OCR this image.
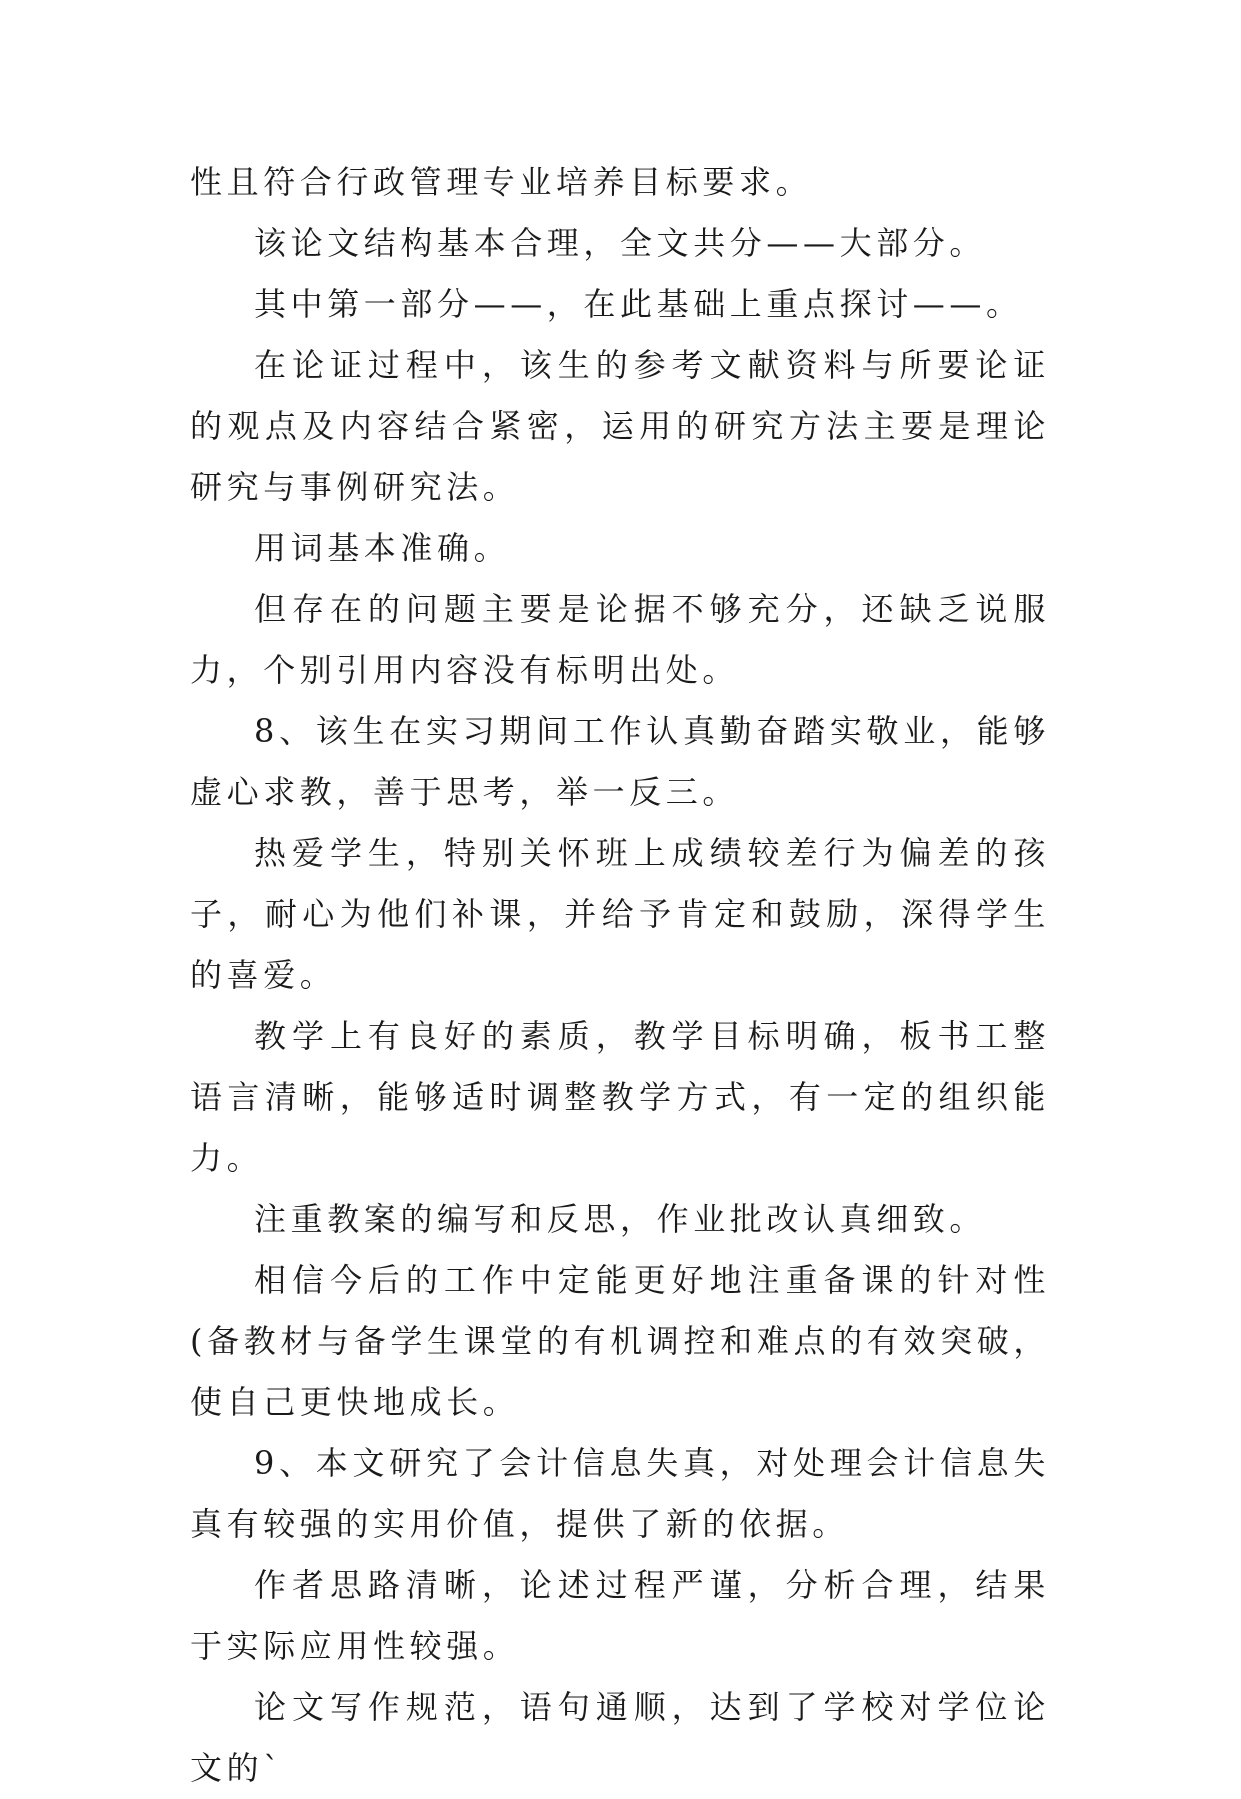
性且符合行政管理专业培养目标要求。

该论文结构基本合理，全文共分——大部分。

其中第一部分——，在此基础上重点探讨——。

在论证过程中，该生的参考文献资料与所要论证的观点及内容结合紧密，运用的研究方法主要是理论研究与事例研究法。

用词基本准确。

但存在的问题主要是论据不够充分，还缺乏说服力，个别引用内容没有标明出处。

8、该生在实习期间工作认真勤奋踏实敬业，能够虚心求教，善于思考，举一反三。

热爱学生，特别关怀班上成绩较差行为偏差的孩子，耐心为他们补课，并给予肯定和鼓励，深得学生的喜爱。

教学上有良好的素质，教学目标明确，板书工整语言清晰，能够适时调整教学方式，有一定的组织能力。

注重教案的编写和反思，作业批改认真细致。

相信今后的工作中定能更好地注重备课的针对性(备教材与备学生课堂的有机调控和难点的有效突破，使自己更快地成长。

9、本文研究了会计信息失真，对处理会计信息失真有较强的实用价值，提供了新的依据。

作者思路清晰，论述过程严谨，分析合理，结果于实际应用性较强。

论文写作规范，语句通顺，达到了学校对学位论文的`
